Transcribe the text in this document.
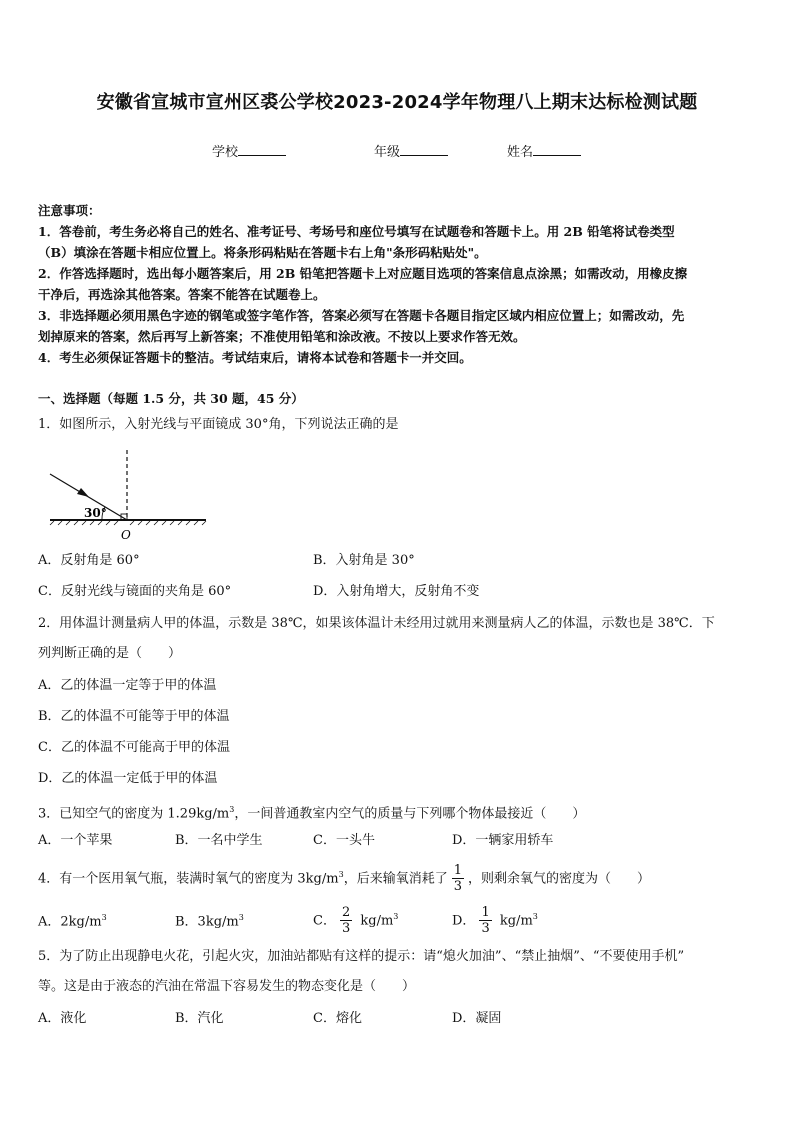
安徽省宣城市宣州区裘公学校2023-2024学年物理八上期末达标检测试题
学校	年级	姓名
注意事项：
1．答卷前，考生务必将自己的姓名、准考证号、考场号和座位号填写在试题卷和答题卡上。用 2B 铅笔将试卷类型
（B）填涂在答题卡相应位置上。将条形码粘贴在答题卡右上角"条形码粘贴处"。
2．作答选择题时，选出每小题答案后，用 2B 铅笔把答题卡上对应题目选项的答案信息点涂黑；如需改动，用橡皮擦
干净后，再选涂其他答案。答案不能答在试题卷上。
3．非选择题必须用黑色字迹的钢笔或签字笔作答，答案必须写在答题卡各题目指定区域内相应位置上；如需改动，先
划掉原来的答案，然后再写上新答案；不准使用铅笔和涂改液。不按以上要求作答无效。
4．考生必须保证答题卡的整洁。考试结束后，请将本试卷和答题卡一并交回。
一、选择题（每题 1.5 分，共 30 题，45 分）
1．如图所示，入射光线与平面镜成 30°角，下列说法正确的是
30°
O
A．反射角是 60°	B．入射角是 30°
C．反射光线与镜面的夹角是 60°	D．入射角增大，反射角不变
2．用体温计测量病人甲的体温，示数是 38℃，如果该体温计未经用过就用来测量病人乙的体温，示数也是 38℃．下
列判断正确的是（　　）
A．乙的体温一定等于甲的体温
B．乙的体温不可能等于甲的体温
C．乙的体温不可能高于甲的体温
D．乙的体温一定低于甲的体温
3．已知空气的密度为 $1.29kg/m^3$，一间普通教室内空气的质量与下列哪个物体最接近（　　）
A．一个苹果	B．一名中学生	C．一头牛	D．一辆家用轿车
4．有一个医用氧气瓶，装满时氧气的密度为 $3kg/m^3$，后来输氧消耗了 $\frac{1}{3}$ ，则剩余氧气的密度为（　　）
A．$2kg/m^3$	B．$3kg/m^3$	C． $\frac{2}{3} kg/m^3$	D． $\frac{1}{3} kg/m^3$
5．为了防止出现静电火花，引起火灾，加油站都贴有这样的提示：请“熄火加油”、“禁止抽烟”、“不要使用手机”
等。这是由于液态的汽油在常温下容易发生的物态变化是（　　）
A．液化	B．汽化	C．熔化	D．凝固
